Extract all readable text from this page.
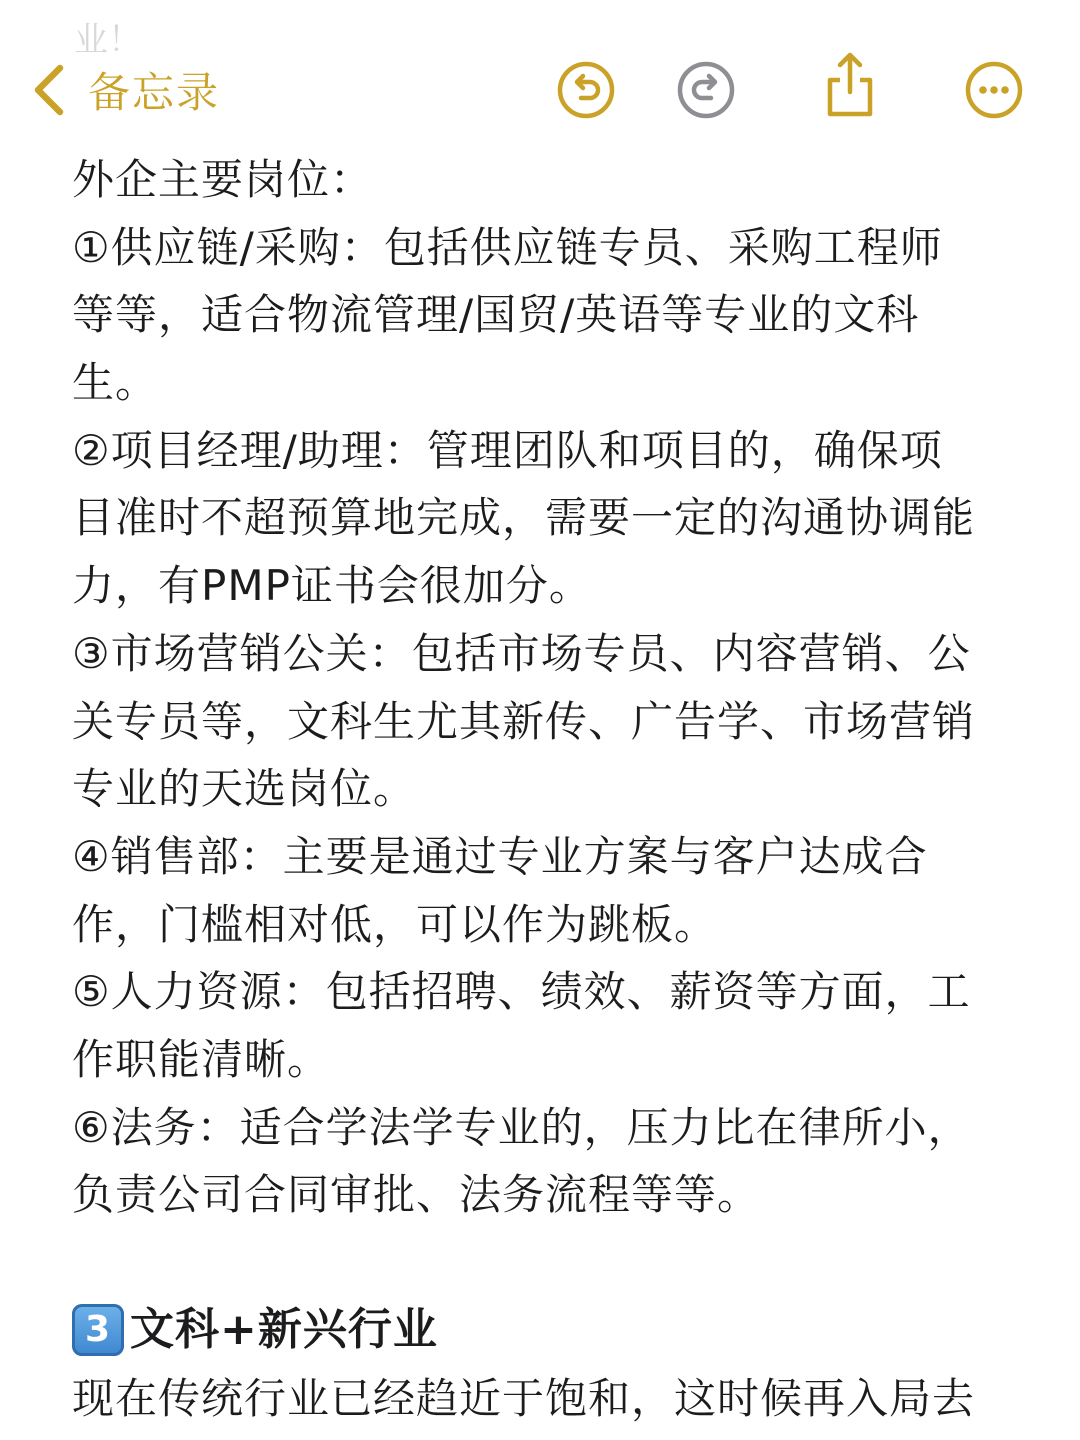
业！
备忘录
外企主要岗位：
①供应链/采购：包括供应链专员、采购工程师
等等，适合物流管理/国贸/英语等专业的文科
生。
②项目经理/助理：管理团队和项目的，确保项
目准时不超预算地完成，需要一定的沟通协调能
力，有PMP证书会很加分。
③市场营销公关：包括市场专员、内容营销、公
关专员等，文科生尤其新传、广告学、市场营销
专业的天选岗位。
④销售部：主要是通过专业方案与客户达成合
作，门槛相对低，可以作为跳板。
⑤人力资源：包括招聘、绩效、薪资等方面，工
作职能清晰。
⑥法务：适合学法学专业的，压力比在律所小，
负责公司合同审批、法务流程等等。
3 文科+新兴行业
现在传统行业已经趋近于饱和，这时候再入局去
